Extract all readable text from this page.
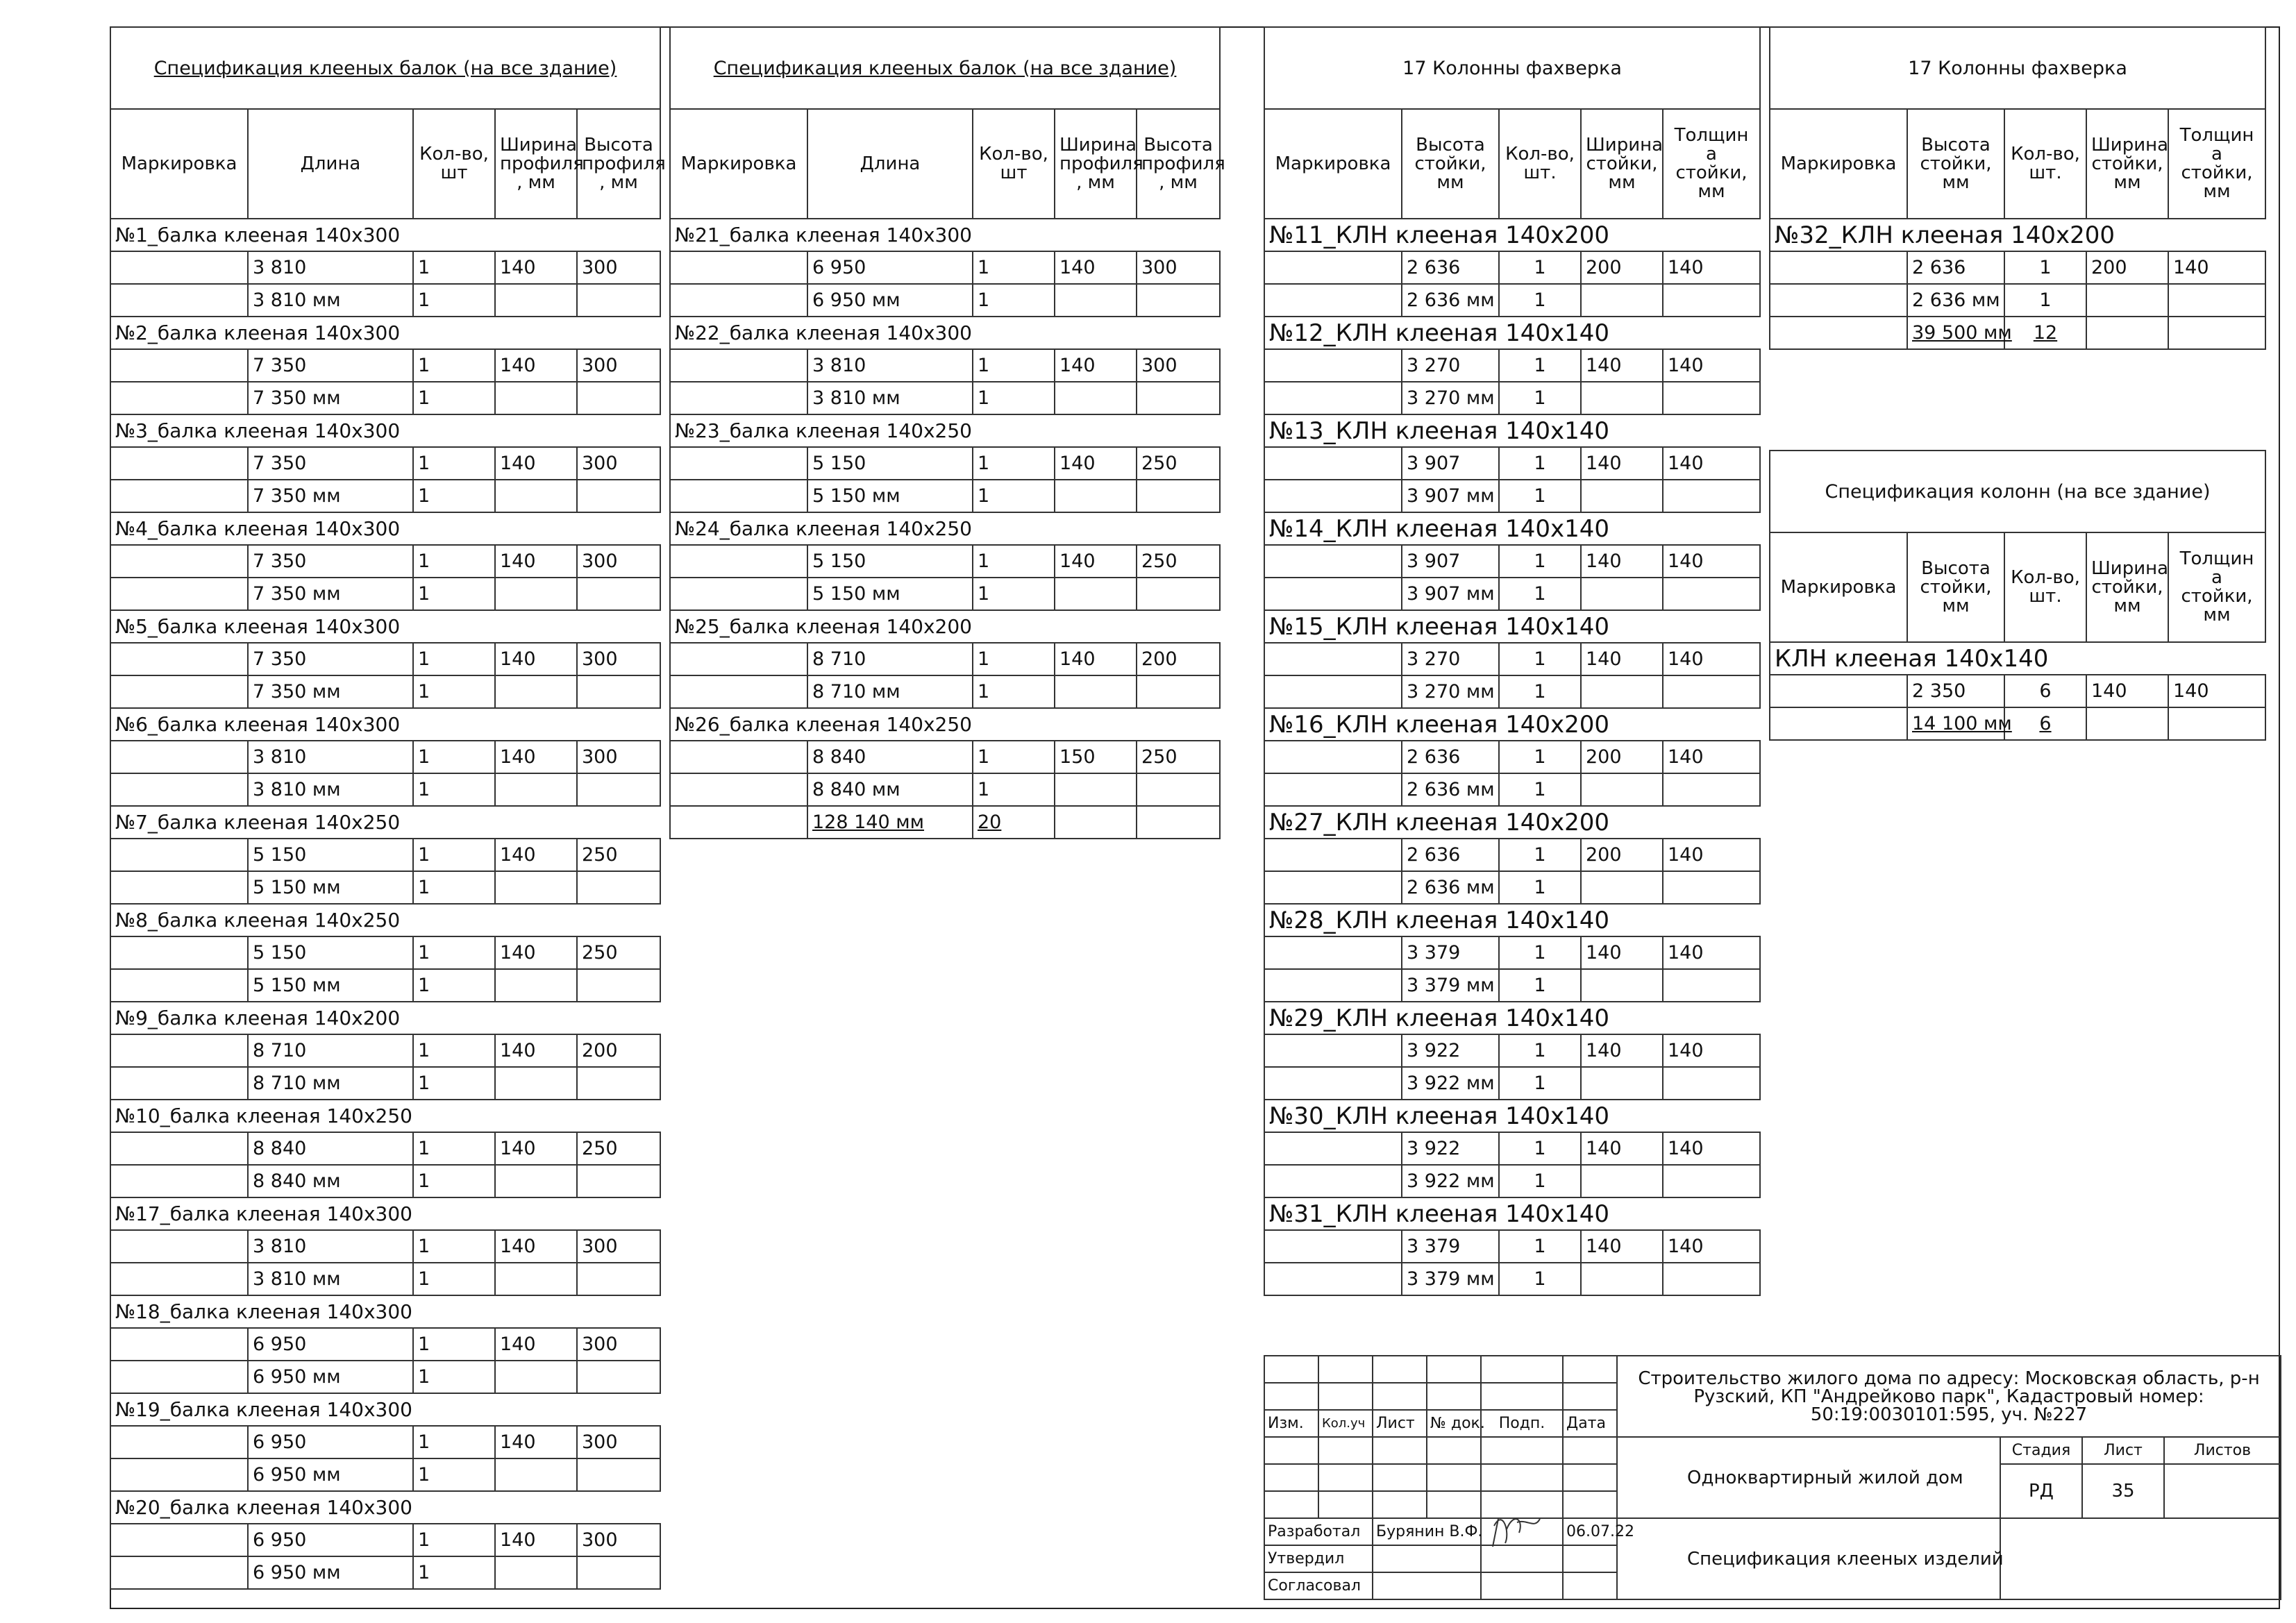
Спецификация клееных балок (на все здание)				
Маркировка	Длина	Кол-во, шт	Ширина профиля , мм	Высота профиля , мм
№1_балка клееная 140х300				
	3 810	1	140	300
	3 810 мм	1		
№2_балка клееная 140х300				
	7 350	1	140	300
	7 350 мм	1		
№3_балка клееная 140х300				
	7 350	1	140	300
	7 350 мм	1		
№4_балка клееная 140х300				
	7 350	1	140	300
	7 350 мм	1		
№5_балка клееная 140х300				
	7 350	1	140	300
	7 350 мм	1		
№6_балка клееная 140х300				
	3 810	1	140	300
	3 810 мм	1		
№7_балка клееная 140х250				
	5 150	1	140	250
	5 150 мм	1		
№8_балка клееная 140х250				
	5 150	1	140	250
	5 150 мм	1		
№9_балка клееная 140х200				
	8 710	1	140	200
	8 710 мм	1		
№10_балка клееная 140х250				
	8 840	1	140	250
	8 840 мм	1		
№17_балка клееная 140х300				
	3 810	1	140	300
	3 810 мм	1		
№18_балка клееная 140х300				
	6 950	1	140	300
	6 950 мм	1		
№19_балка клееная 140х300				
	6 950	1	140	300
	6 950 мм	1		
№20_балка клееная 140х300				
	6 950	1	140	300
	6 950 мм	1		
Спецификация клееных балок (на все здание)				
Маркировка	Длина	Кол-во, шт	Ширина профиля , мм	Высота профиля , мм
№21_балка клееная 140х300				
	6 950	1	140	300
	6 950 мм	1		
№22_балка клееная 140х300				
	3 810	1	140	300
	3 810 мм	1		
№23_балка клееная 140х250				
	5 150	1	140	250
	5 150 мм	1		
№24_балка клееная 140х250				
	5 150	1	140	250
	5 150 мм	1		
№25_балка клееная 140х200				
	8 710	1	140	200
	8 710 мм	1		
№26_балка клееная 140х250				
	8 840	1	150	250
	8 840 мм	1		
	128 140 мм	20		
17 Колонны фахверка				
Маркировка	Высота стойки, мм	Кол-во, шт.	Ширина стойки, мм	Толщин а стойки, мм
№11_КЛН клееная 140х200				
	2 636	1	200	140
	2 636 мм	1		
№12_КЛН клееная 140х140				
	3 270	1	140	140
	3 270 мм	1		
№13_КЛН клееная 140х140				
	3 907	1	140	140
	3 907 мм	1		
№14_КЛН клееная 140х140				
	3 907	1	140	140
	3 907 мм	1		
№15_КЛН клееная 140х140				
	3 270	1	140	140
	3 270 мм	1		
№16_КЛН клееная 140х200				
	2 636	1	200	140
	2 636 мм	1		
№27_КЛН клееная 140х200				
	2 636	1	200	140
	2 636 мм	1		
№28_КЛН клееная 140х140				
	3 379	1	140	140
	3 379 мм	1		
№29_КЛН клееная 140х140				
	3 922	1	140	140
	3 922 мм	1		
№30_КЛН клееная 140х140				
	3 922	1	140	140
	3 922 мм	1		
№31_КЛН клееная 140х140				
	3 379	1	140	140
	3 379 мм	1		
17 Колонны фахверка				
Маркировка	Высота стойки, мм	Кол-во, шт.	Ширина стойки, мм	Толщин а стойки, мм
№32_КЛН клееная 140х200				
	2 636	1	200	140
	2 636 мм	1		
	39 500 мм	12		
Спецификация колонн (на все здание)				
Маркировка	Высота стойки, мм	Кол-во, шт.	Ширина стойки, мм	Толщин а стойки, мм
КЛН клееная 140х140				
	2 350	6	140	140
	14 100 мм	6		
						Строительство жилого дома по адресу: Московская область, р-н Рузский, КП "Андрейково парк", Кадастровый номер: 50:19:0030101:595, уч. №227			

Изм.	Кол.уч	Лист	№ док.	Подп.	Дата				
						Одноквартирный жилой дом	Стадия	Лист	Листов
							РД	35	

Разработал		Бурянин В.Ф.			06.07.22	Спецификация клееных изделий			
Утвердил									
Согласовал									
